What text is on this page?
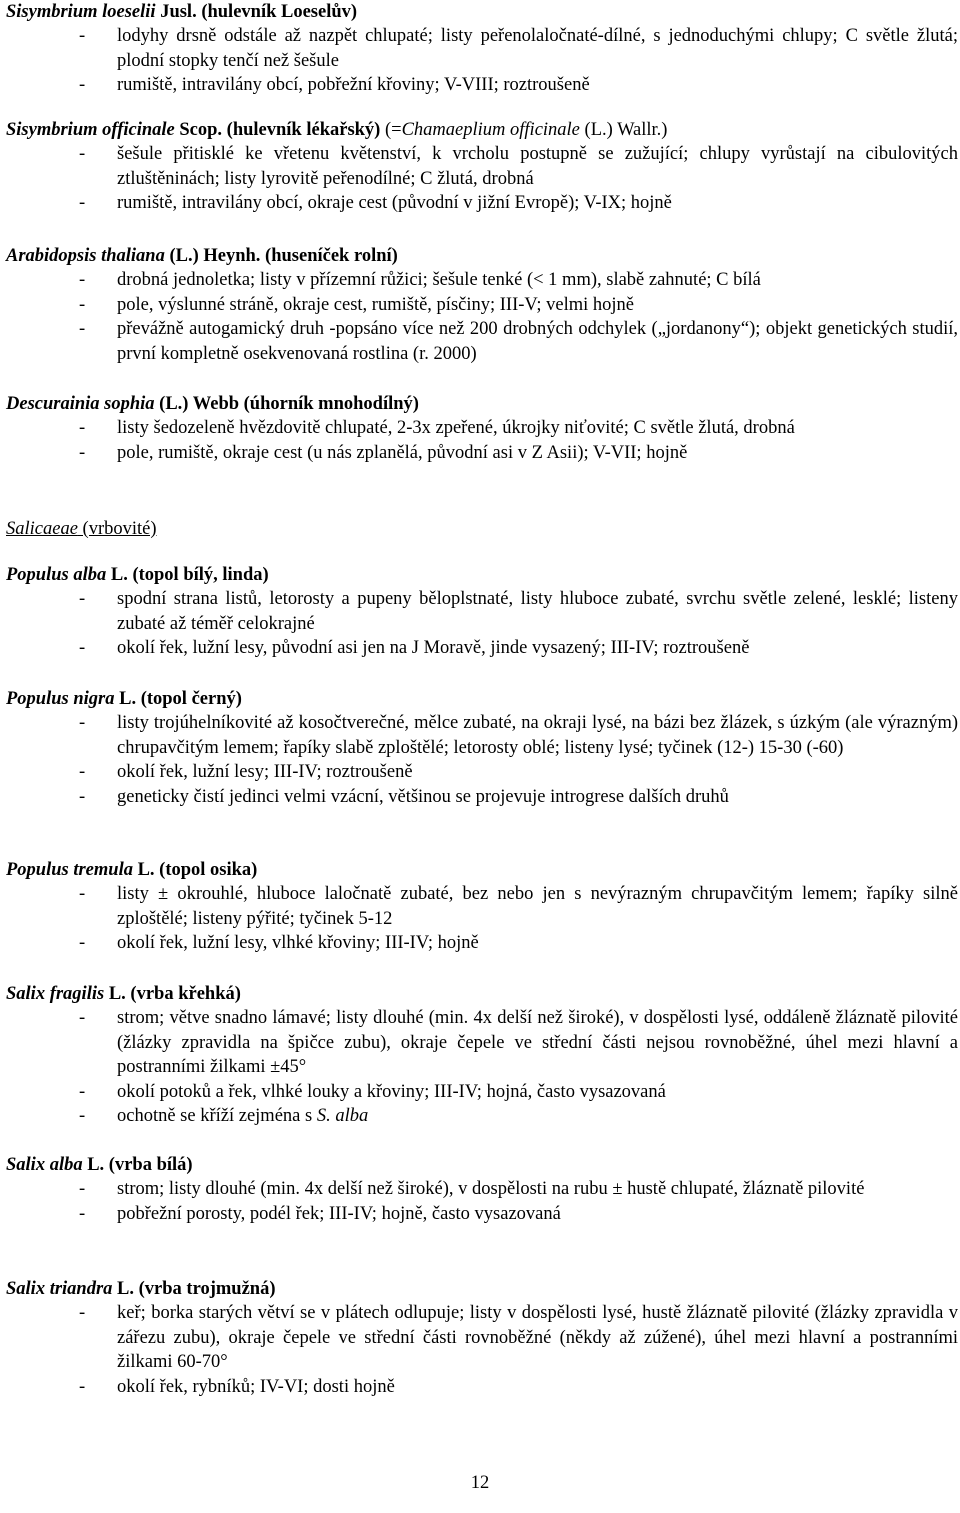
Sisymbrium loeselii Jusl. (hulevník Loeselův)
- lodyhy drsně odstále až nazpět chlupaté; listy peřenolaločnaté-dílné, s jednoduchými chlupy; C světle žlutá; plodní stopky tenčí než šešule
- rumiště, intravilány obcí, pobřežní křoviny; V-VIII; roztroušeně
Sisymbrium officinale Scop. (hulevník lékařský) (=Chamaeplium officinale (L.) Wallr.)
- šešule přitisklé ke vřetenu květenství, k vrcholu postupně se zužující; chlupy vyrůstají na cibulovitých ztluštěninách; listy lyrovitě peřenodílné; C žlutá, drobná
- rumiště, intravilány obcí, okraje cest (původní v jižní Evropě); V-IX; hojně
Arabidopsis thaliana (L.) Heynh. (huseníček rolní)
- drobná jednoletka; listy v přízemní růžici; šešule tenké (< 1 mm), slabě zahnuté; C bílá
- pole, výslunné stráně, okraje cest, rumiště, písčiny; III-V; velmi hojně
- převážně autogamický druh -popsáno více než 200 drobných odchylek („jordanony“); objekt genetických studií, první kompletně osekvenovaná rostlina (r. 2000)
Descurainia sophia (L.) Webb (úhorník mnohodílný)
- listy šedozeleně hvězdovitě chlupaté, 2-3x zpeřené, úkrojky niťovité; C světle žlutá, drobná
- pole, rumiště, okraje cest (u nás zplanělá, původní asi v Z Asii); V-VII; hojně
Populus alba L. (topol bílý, linda)
- spodní strana listů, letorosty a pupeny běloplstnaté, listy hluboce zubaté, svrchu světle zelené, lesklé; listeny zubaté až téměř celokrajné
- okolí řek, lužní lesy, původní asi jen na J Moravě, jinde vysazený; III-IV; roztroušeně
Populus nigra L. (topol černý)
- listy trojúhelníkovité až kosočtverečné, mělce zubaté, na okraji lysé, na bázi bez žlázek, s úzkým (ale výrazným) chrupavčitým lemem; řapíky slabě zploštělé; letorosty oblé; listeny lysé; tyčinek (12-) 15-30 (-60)
- okolí řek, lužní lesy; III-IV; roztroušeně
- geneticky čistí jedinci velmi vzácní, většinou se projevuje introgrese dalších druhů
Populus tremula L. (topol osika)
- listy ± okrouhlé, hluboce laločnatě zubaté, bez nebo jen s nevýrazným chrupavčitým lemem; řapíky silně zploštělé; listeny pýřité; tyčinek 5-12
- okolí řek, lužní lesy, vlhké křoviny; III-IV; hojně
Salix fragilis L. (vrba křehká)
- strom; větve snadno lámavé; listy dlouhé (min. 4x delší než široké), v dospělosti lysé, oddáleně žláznatě pilovité (žlázky zpravidla na špičce zubu), okraje čepele ve střední části nejsou rovnoběžné, úhel mezi hlavní a postranními žilkami ±45°
- okolí potoků a řek, vlhké louky a křoviny; III-IV; hojná, často vysazovaná
- ochotně se kříží zejména s S. alba
Salix alba L. (vrba bílá)
- strom; listy dlouhé (min. 4x delší než široké), v dospělosti na rubu ± hustě chlupaté, žláznatě pilovité
- pobřežní porosty, podél řek; III-IV; hojně, často vysazovaná
Salix triandra L. (vrba trojmužná)
- keř; borka starých větví se v plátech odlupuje; listy v dospělosti lysé, hustě žláznatě pilovité (žlázky zpravidla v zářezu zubu), okraje čepele ve střední části rovnoběžné (někdy až zúžené), úhel mezi hlavní a postranními žilkami 60-70°
- okolí řek, rybníků; IV-VI; dosti hojně
Salicaeae (vrbovité)
12
